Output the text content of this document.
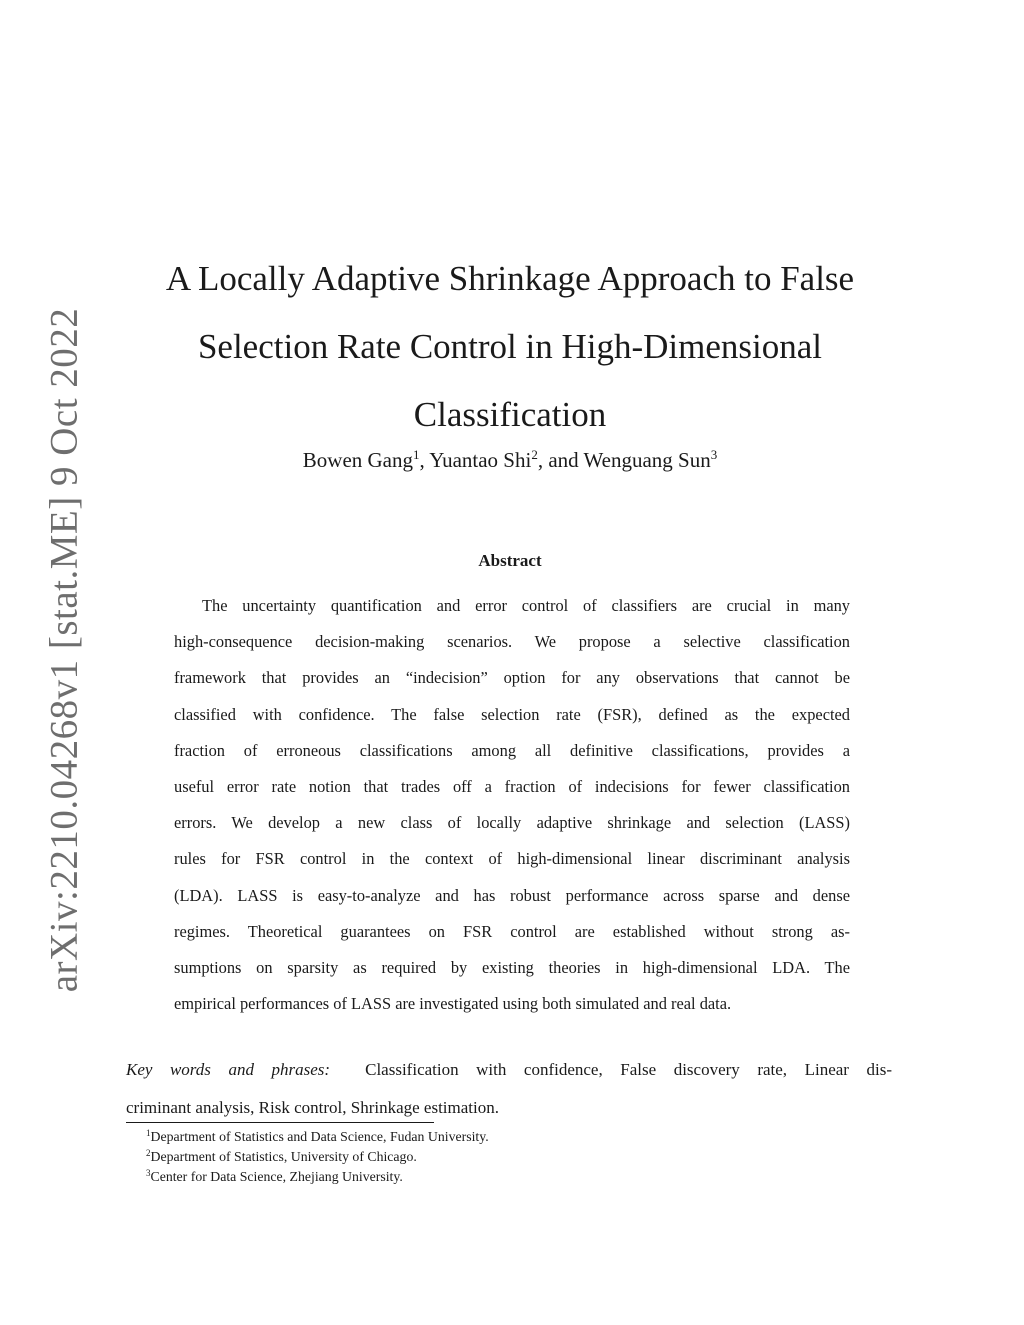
arXiv:2210.04268v1 [stat.ME] 9 Oct 2022
A Locally Adaptive Shrinkage Approach to False
Selection Rate Control in High-Dimensional
Classification
Bowen Gang$^1$, Yuantao Shi$^2$, and Wenguang Sun$^3$
Abstract
The uncertainty quantification and error control of classifiers are crucial in many
high-consequence decision-making scenarios. We propose a selective classification
framework that provides an “indecision” option for any observations that cannot be
classified with confidence. The false selection rate (FSR), defined as the expected
fraction of erroneous classifications among all definitive classifications, provides a
useful error rate notion that trades off a fraction of indecisions for fewer classification
errors. We develop a new class of locally adaptive shrinkage and selection (LASS)
rules for FSR control in the context of high-dimensional linear discriminant analysis
(LDA). LASS is easy-to-analyze and has robust performance across sparse and dense
regimes. Theoretical guarantees on FSR control are established without strong as-
sumptions on sparsity as required by existing theories in high-dimensional LDA. The
empirical performances of LASS are investigated using both simulated and real data.
Key words and phrases: Classification with confidence, False discovery rate, Linear dis-
criminant analysis, Risk control, Shrinkage estimation.
$^1$Department of Statistics and Data Science, Fudan University.
$^2$Department of Statistics, University of Chicago.
$^3$Center for Data Science, Zhejiang University.
